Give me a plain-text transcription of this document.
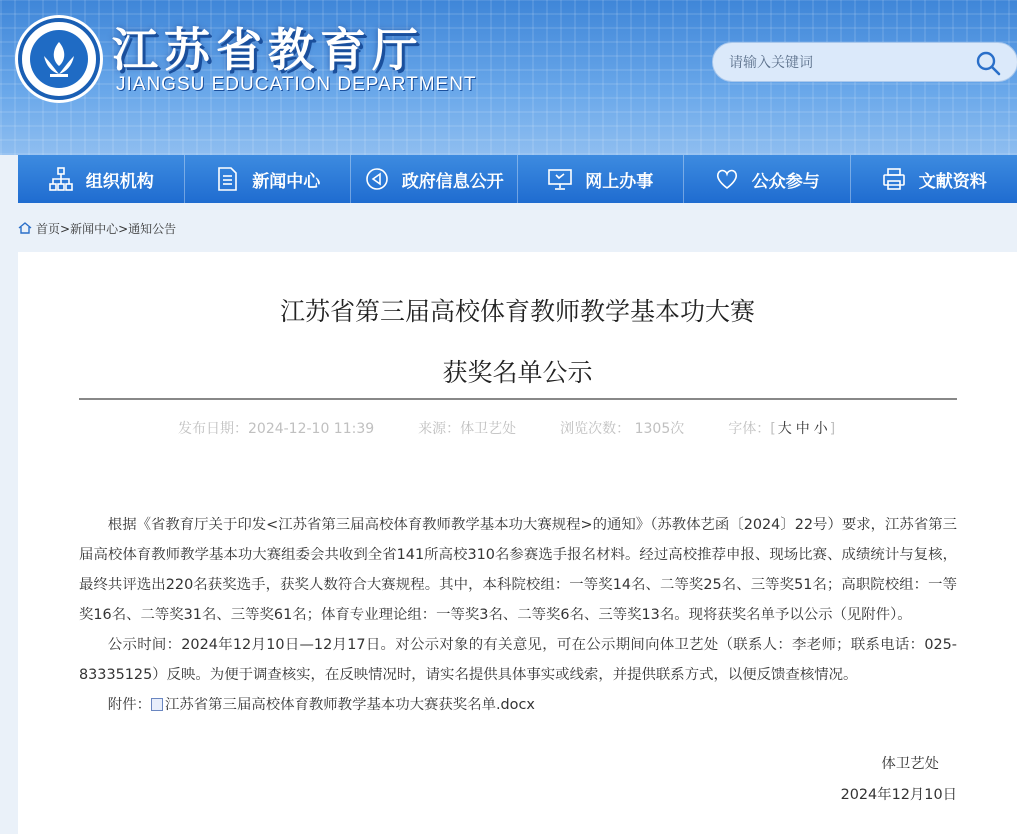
江苏省教育厅
JIANGSU EDUCATION DEPARTMENT
请输入关键词
组织机构	新闻中心	政府信息公开	网上办事	公众参与	文献资料
首页> 新闻中心> 通知公告
江苏省第三届高校体育教师教学基本功大赛
获奖名单公示
发布日期：2024-12-10 11:39	来源：体卫艺处	浏览次数： 1305次	字体：[ 大 中 小 ]

根据《省教育厅关于印发<江苏省第三届高校体育教师教学基本功大赛规程>的通知》（苏教体艺函〔2024〕22号）要求，江苏省第三届高校体育教师教学基本功大赛组委会共收到全省141所高校310名参赛选手报名材料。经过高校推荐申报、现场比赛、成绩统计与复核，最终共评选出220名获奖选手，获奖人数符合大赛规程。其中，本科院校组：一等奖14名、二等奖25名、三等奖51名；高职院校组：一等奖16名、二等奖31名、三等奖61名；体育专业理论组：一等奖3名、二等奖6名、三等奖13名。现将获奖名单予以公示（见附件）。

公示时间：2024年12月10日—12月17日。对公示对象的有关意见，可在公示期间向体卫艺处（联系人：李老师；联系电话：025-83335125）反映。为便于调查核实，在反映情况时，请实名提供具体事实或线索，并提供联系方式，以便反馈查核情况。

附件： 江苏省第三届高校体育教师教学基本功大赛获奖名单.docx

体卫艺处
2024年12月10日
